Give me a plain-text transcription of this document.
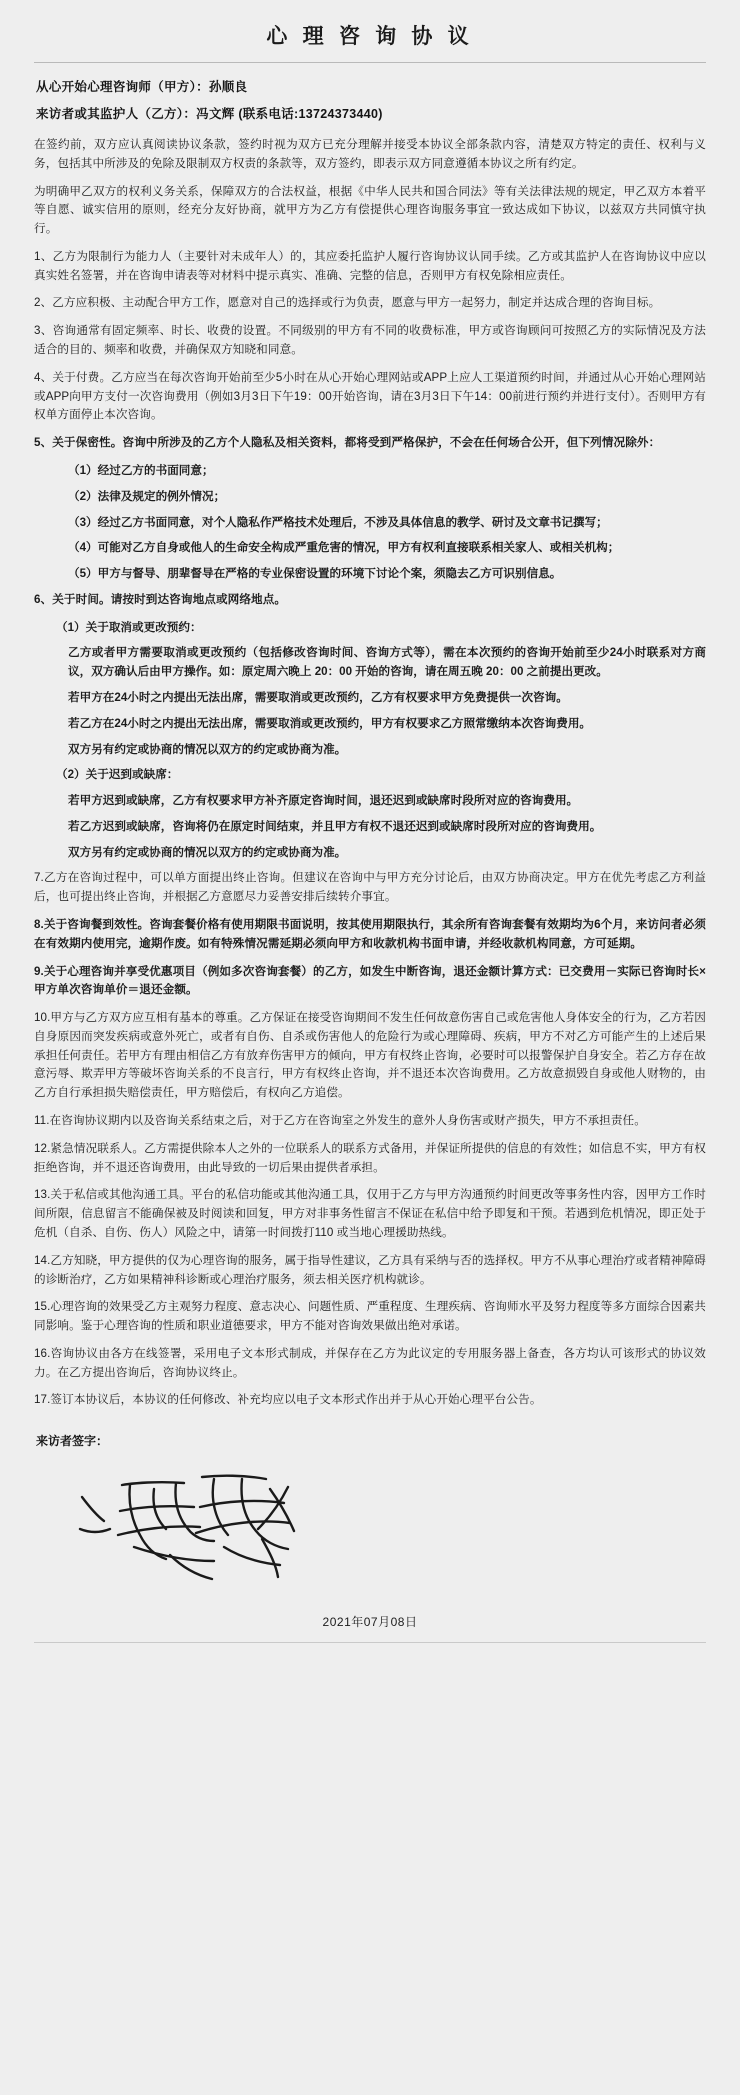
心 理 咨 询 协 议
从心开始心理咨询师（甲方）：孙顺良
来访者或其监护人（乙方）：冯文辉 (联系电话:13724373440)

在签约前，双方应认真阅读协议条款，签约时视为双方已充分理解并接受本协议全部条款内容，清楚双方特定的责任、权利与义务，包括其中所涉及的免除及限制双方权责的条款等，双方签约，即表示双方同意遵循本协议之所有约定。

为明确甲乙双方的权利义务关系，保障双方的合法权益，根据《中华人民共和国合同法》等有关法律法规的规定，甲乙双方本着平等自愿、诚实信用的原则，经充分友好协商，就甲方为乙方有偿提供心理咨询服务事宜一致达成如下协议，以兹双方共同慎守执行。

1、乙方为限制行为能力人（主要针对未成年人）的，其应委托监护人履行咨询协议认同手续。乙方或其监护人在咨询协议中应以真实姓名签署，并在咨询申请表等对材料中提示真实、准确、完整的信息，否则甲方有权免除相应责任。

2、乙方应积极、主动配合甲方工作，愿意对自己的选择或行为负责，愿意与甲方一起努力，制定并达成合理的咨询目标。

3、咨询通常有固定频率、时长、收费的设置。不同级别的甲方有不同的收费标准，甲方或咨询顾问可按照乙方的实际情况及方法适合的目的、频率和收费，并确保双方知晓和同意。

4、关于付费。乙方应当在每次咨询开始前至少5小时在从心开始心理网站或APP上应人工渠道预约时间，并通过从心开始心理网站或APP向甲方支付一次咨询费用（例如3月3日下午19：00开始咨询，请在3月3日下午14：00前进行预约并进行支付）。否则甲方有权单方面停止本次咨询。

5、关于保密性。咨询中所涉及的乙方个人隐私及相关资料，都将受到严格保护，不会在任何场合公开，但下列情况除外：

（1）经过乙方的书面同意；

（2）法律及规定的例外情况；

（3）经过乙方书面同意，对个人隐私作严格技术处理后，不涉及具体信息的教学、研讨及文章书记撰写；

（4）可能对乙方自身或他人的生命安全构成严重危害的情况，甲方有权利直接联系相关家人、或相关机构；

（5）甲方与督导、朋辈督导在严格的专业保密设置的环境下讨论个案，须隐去乙方可识别信息。

6、关于时间。请按时到达咨询地点或网络地点。

（1）关于取消或更改预约：

乙方或者甲方需要取消或更改预约（包括修改咨询时间、咨询方式等），需在本次预约的咨询开始前至少24小时联系对方商议，双方确认后由甲方操作。如：原定周六晚上 20：00 开始的咨询，请在周五晚 20：00 之前提出更改。

若甲方在24小时之内提出无法出席，需要取消或更改预约，乙方有权要求甲方免费提供一次咨询。

若乙方在24小时之内提出无法出席，需要取消或更改预约，甲方有权要求乙方照常缴纳本次咨询费用。

双方另有约定或协商的情况以双方的约定或协商为准。

（2）关于迟到或缺席：

若甲方迟到或缺席，乙方有权要求甲方补齐原定咨询时间，退还迟到或缺席时段所对应的咨询费用。

若乙方迟到或缺席，咨询将仍在原定时间结束，并且甲方有权不退还迟到或缺席时段所对应的咨询费用。

双方另有约定或协商的情况以双方的约定或协商为准。

7.乙方在咨询过程中，可以单方面提出终止咨询。但建议在咨询中与甲方充分讨论后，由双方协商决定。甲方在优先考虑乙方利益后，也可提出终止咨询，并根据乙方意愿尽力妥善安排后续转介事宜。

8.关于咨询餐到效性。咨询套餐价格有使用期限书面说明，按其使用期限执行，其余所有咨询套餐有效期均为6个月，来访问者必须在有效期内使用完，逾期作废。如有特殊情况需延期必须向甲方和收款机构书面申请，并经收款机构同意，方可延期。

9.关于心理咨询并享受优惠项目（例如多次咨询套餐）的乙方，如发生中断咨询，退还金额计算方式：已交费用－实际已咨询时长×甲方单次咨询单价＝退还金额。

10.甲方与乙方双方应互相有基本的尊重。乙方保证在接受咨询期间不发生任何故意伤害自己或危害他人身体安全的行为，乙方若因自身原因而突发疾病或意外死亡，或者有自伤、自杀或伤害他人的危险行为或心理障碍、疾病，甲方不对乙方可能产生的上述后果承担任何责任。若甲方有理由相信乙方有放弃伤害甲方的倾向，甲方有权终止咨询，必要时可以报警保护自身安全。若乙方存在故意污辱、欺弄甲方等破坏咨询关系的不良言行，甲方有权终止咨询，并不退还本次咨询费用。乙方故意损毁自身或他人财物的，由乙方自行承担损失赔偿责任，甲方赔偿后，有权向乙方追偿。

11.在咨询协议期内以及咨询关系结束之后，对于乙方在咨询室之外发生的意外人身伤害或财产损失，甲方不承担责任。

12.紧急情况联系人。乙方需提供除本人之外的一位联系人的联系方式备用，并保证所提供的信息的有效性；如信息不实，甲方有权拒绝咨询，并不退还咨询费用，由此导致的一切后果由提供者承担。

13.关于私信或其他沟通工具。平台的私信功能或其他沟通工具，仅用于乙方与甲方沟通预约时间更改等事务性内容，因甲方工作时间所限，信息留言不能确保被及时阅读和回复，甲方对非事务性留言不保证在私信中给予即复和干预。若遇到危机情况，即正处于危机（自杀、自伤、伤人）风险之中，请第一时间拨打110 或当地心理援助热线。

14.乙方知晓，甲方提供的仅为心理咨询的服务，属于指导性建议，乙方具有采纳与否的选择权。甲方不从事心理治疗或者精神障碍的诊断治疗，乙方如果精神科诊断或心理治疗服务，须去相关医疗机构就诊。

15.心理咨询的效果受乙方主观努力程度、意志决心、问题性质、严重程度、生理疾病、咨询师水平及努力程度等多方面综合因素共同影响。鉴于心理咨询的性质和职业道德要求，甲方不能对咨询效果做出绝对承诺。

16.咨询协议由各方在线签署，采用电子文本形式制成，并保存在乙方为此议定的专用服务器上备查，各方均认可该形式的协议效力。在乙方提出咨询后，咨询协议终止。

17.签订本协议后，本协议的任何修改、补充均应以电子文本形式作出并于从心开始心理平台公告。

来访者签字：
2021年07月08日
